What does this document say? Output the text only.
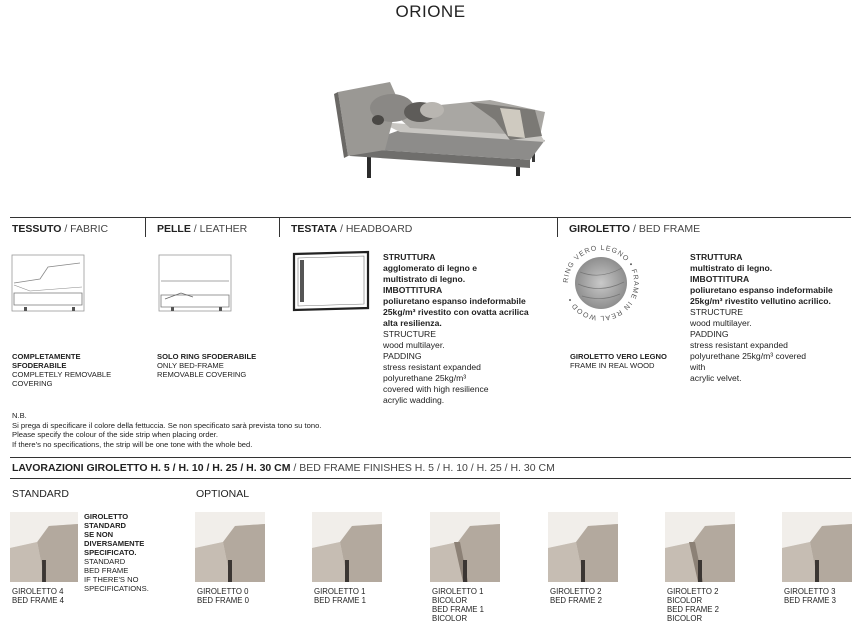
ORIONE
TESSUTO / FABRIC	PELLE / LEATHER	TESTATA / HEADBOARD	GIROLETTO / BED FRAME
COMPLETAMENTE
SFODERABILE
COMPLETELY REMOVABLE
COVERING
SOLO RING SFODERABILE
ONLY BED-FRAME
REMOVABLE COVERING
STRUTTURA
agglomerato di legno e
multistrato di legno.
IMBOTTITURA
poliuretano espanso indeformabile
25kg/m³ rivestito con ovatta acrilica
alta resilienza.
STRUCTURE
wood multilayer.
PADDING
stress resistant expanded
polyurethane 25kg/m³
covered with high resilience
acrylic wadding.
RING VERO LEGNO • FRAME IN REAL WOOD •
GIROLETTO VERO LEGNO
FRAME IN REAL WOOD
STRUTTURA
multistrato di legno.
IMBOTTITURA
poliuretano espanso indeformabile
25kg/m³ rivestito vellutino acrilico.
STRUCTURE
wood multilayer.
PADDING
stress resistant expanded
polyurethane 25kg/m³ covered
with
acrylic velvet.
N.B.
Si prega di specificare il colore della fettuccia. Se non specificato sarà prevista tono su tono.
Please specify the colour of the side strip when placing order.
If there's no specifications, the strip will be one tone with the whole bed.
LAVORAZIONI GIROLETTO H. 5 / H. 10 / H. 25 / H. 30 CM / BED FRAME FINISHES H. 5 / H. 10 / H. 25 / H. 30 CM
STANDARD	OPTIONAL
GIROLETTO 4
BED FRAME 4
GIROLETTO 0
BED FRAME 0
GIROLETTO 1
BED FRAME 1
GIROLETTO 1
BICOLOR
BED FRAME 1
BICOLOR
GIROLETTO 2
BED FRAME 2
GIROLETTO 2
BICOLOR
BED FRAME 2
BICOLOR
GIROLETTO 3
BED FRAME 3
GIROLETTO
STANDARD
SE NON
DIVERSAMENTE
SPECIFICATO.
STANDARD
BED FRAME
IF THERE'S NO
SPECIFICATIONS.
